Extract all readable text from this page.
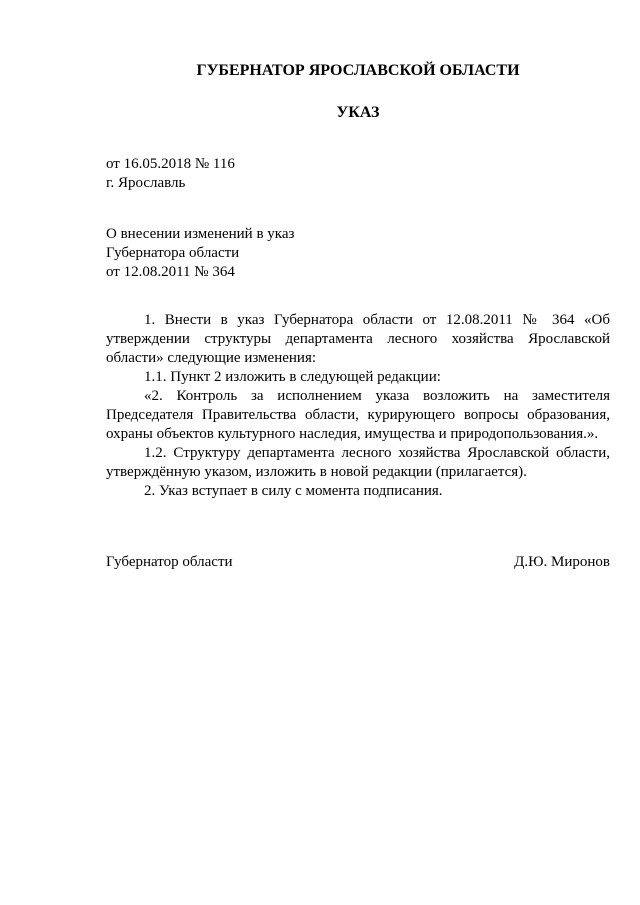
ГУБЕРНАТОР ЯРОСЛАВСКОЙ ОБЛАСТИ
УКАЗ
от 16.05.2018 № 116
г. Ярославль
О внесении изменений в указ
Губернатора области
от 12.08.2011 № 364

1. Внести в указ Губернатора области от 12.08.2011 № 364 «Об утверждении структуры департамента лесного хозяйства Ярославской области» следующие изменения:

1.1. Пункт 2 изложить в следующей редакции:

«2. Контроль за исполнением указа возложить на заместителя Председателя Правительства области, курирующего вопросы образования, охраны объектов культурного наследия, имущества и природопользования.».

1.2. Структуру департамента лесного хозяйства Ярославской области, утверждённую указом, изложить в новой редакции (прилагается).

2. Указ вступает в силу с момента подписания.

Губернатор области	Д.Ю. Миронов
